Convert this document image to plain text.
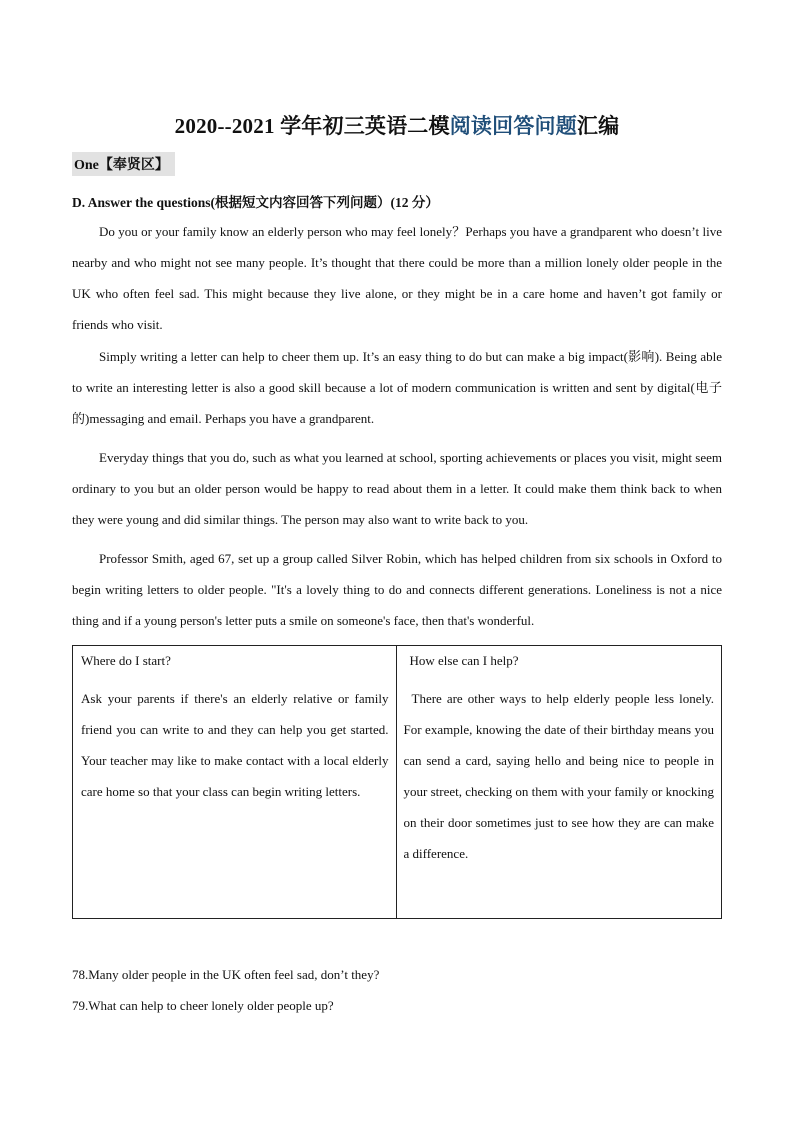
2020--2021 学年初三英语二模阅读回答问题汇编
One【奉贤区】
D. Answer the questions(根据短文内容回答下列问题）(12 分）
Do you or your family know an elderly person who may feel lonely？Perhaps you have a grandparent who doesn’t live nearby and who might not see many people. It’s thought that there could be more than a million lonely older people in the UK who often feel sad. This might because they live alone, or they might be in a care home and haven’t got family or friends who visit.
Simply writing a letter can help to cheer them up. It’s an easy thing to do but can make a big impact(影响). Being able to write an interesting letter is also a good skill because a lot of modern communication is written and sent by digital(电子的)messaging and email. Perhaps you have a grandparent.
Everyday things that you do, such as what you learned at school, sporting achievements or places you visit, might seem ordinary to you but an older person would be happy to read about them in a letter. It could make them think back to when they were young and did similar things. The person may also want to write back to you.
Professor Smith, aged 67, set up a group called Silver Robin, which has helped children from six schools in Oxford to begin writing letters to older people. "It's a lovely thing to do and connects different generations. Loneliness is not a nice thing and if a young person's letter puts a smile on someone's face, then that's wonderful.
Where do I start?
Ask your parents if there's an elderly relative or family friend you can write to and they can help you get started. Your teacher may like to make contact with a local elderly care home so that your class can begin writing letters.
How else can I help?
There are other ways to help elderly people less lonely. For example, knowing the date of their birthday means you can send a card, saying hello and being nice to people in your street, checking on them with your family or knocking on their door sometimes just to see how they are can make a difference.
78.Many older people in the UK often feel sad, don’t they?
79.What can help to cheer lonely older people up?
